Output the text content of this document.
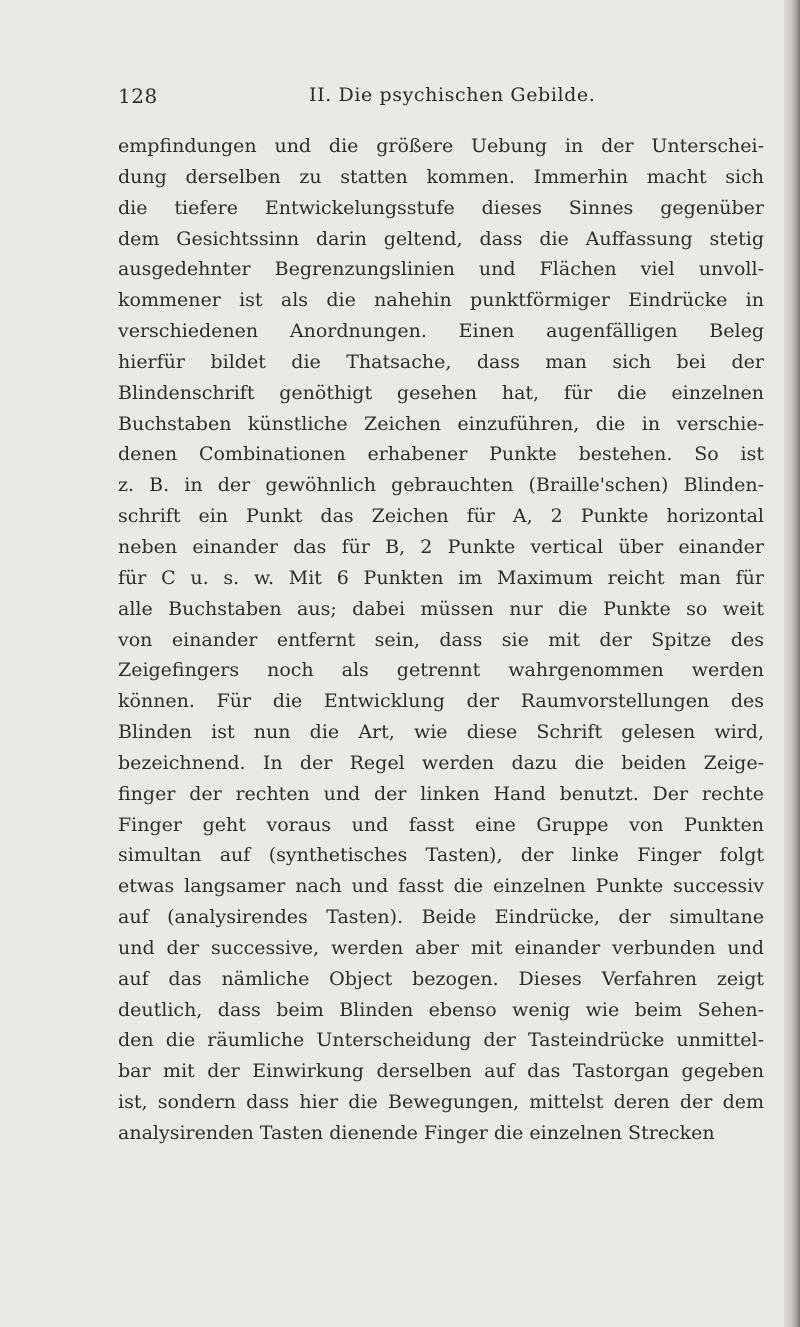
128	II. Die psychischen Gebilde.
empfindungen und die größere Uebung in der Unterschei-
dung derselben zu statten kommen. Immerhin macht sich
die tiefere Entwickelungsstufe dieses Sinnes gegenüber
dem Gesichtssinn darin geltend, dass die Auffassung stetig
ausgedehnter Begrenzungslinien und Flächen viel unvoll-
kommener ist als die nahehin punktförmiger Eindrücke in
verschiedenen Anordnungen. Einen augenfälligen Beleg
hierfür bildet die Thatsache, dass man sich bei der
Blindenschrift genöthigt gesehen hat, für die einzelnen
Buchstaben künstliche Zeichen einzuführen, die in verschie-
denen Combinationen erhabener Punkte bestehen. So ist
z. B. in der gewöhnlich gebrauchten (Braille'schen) Blinden-
schrift ein Punkt das Zeichen für A, 2 Punkte horizontal
neben einander das für B, 2 Punkte vertical über einander
für C u. s. w. Mit 6 Punkten im Maximum reicht man für
alle Buchstaben aus; dabei müssen nur die Punkte so weit
von einander entfernt sein, dass sie mit der Spitze des
Zeigefingers noch als getrennt wahrgenommen werden
können. Für die Entwicklung der Raumvorstellungen des
Blinden ist nun die Art, wie diese Schrift gelesen wird,
bezeichnend. In der Regel werden dazu die beiden Zeige-
finger der rechten und der linken Hand benutzt. Der rechte
Finger geht voraus und fasst eine Gruppe von Punkten
simultan auf (synthetisches Tasten), der linke Finger folgt
etwas langsamer nach und fasst die einzelnen Punkte successiv
auf (analysirendes Tasten). Beide Eindrücke, der simultane
und der successive, werden aber mit einander verbunden und
auf das nämliche Object bezogen. Dieses Verfahren zeigt
deutlich, dass beim Blinden ebenso wenig wie beim Sehen-
den die räumliche Unterscheidung der Tasteindrücke unmittel-
bar mit der Einwirkung derselben auf das Tastorgan gegeben
ist, sondern dass hier die Bewegungen, mittelst deren der dem
analysirenden Tasten dienende Finger die einzelnen Strecken
